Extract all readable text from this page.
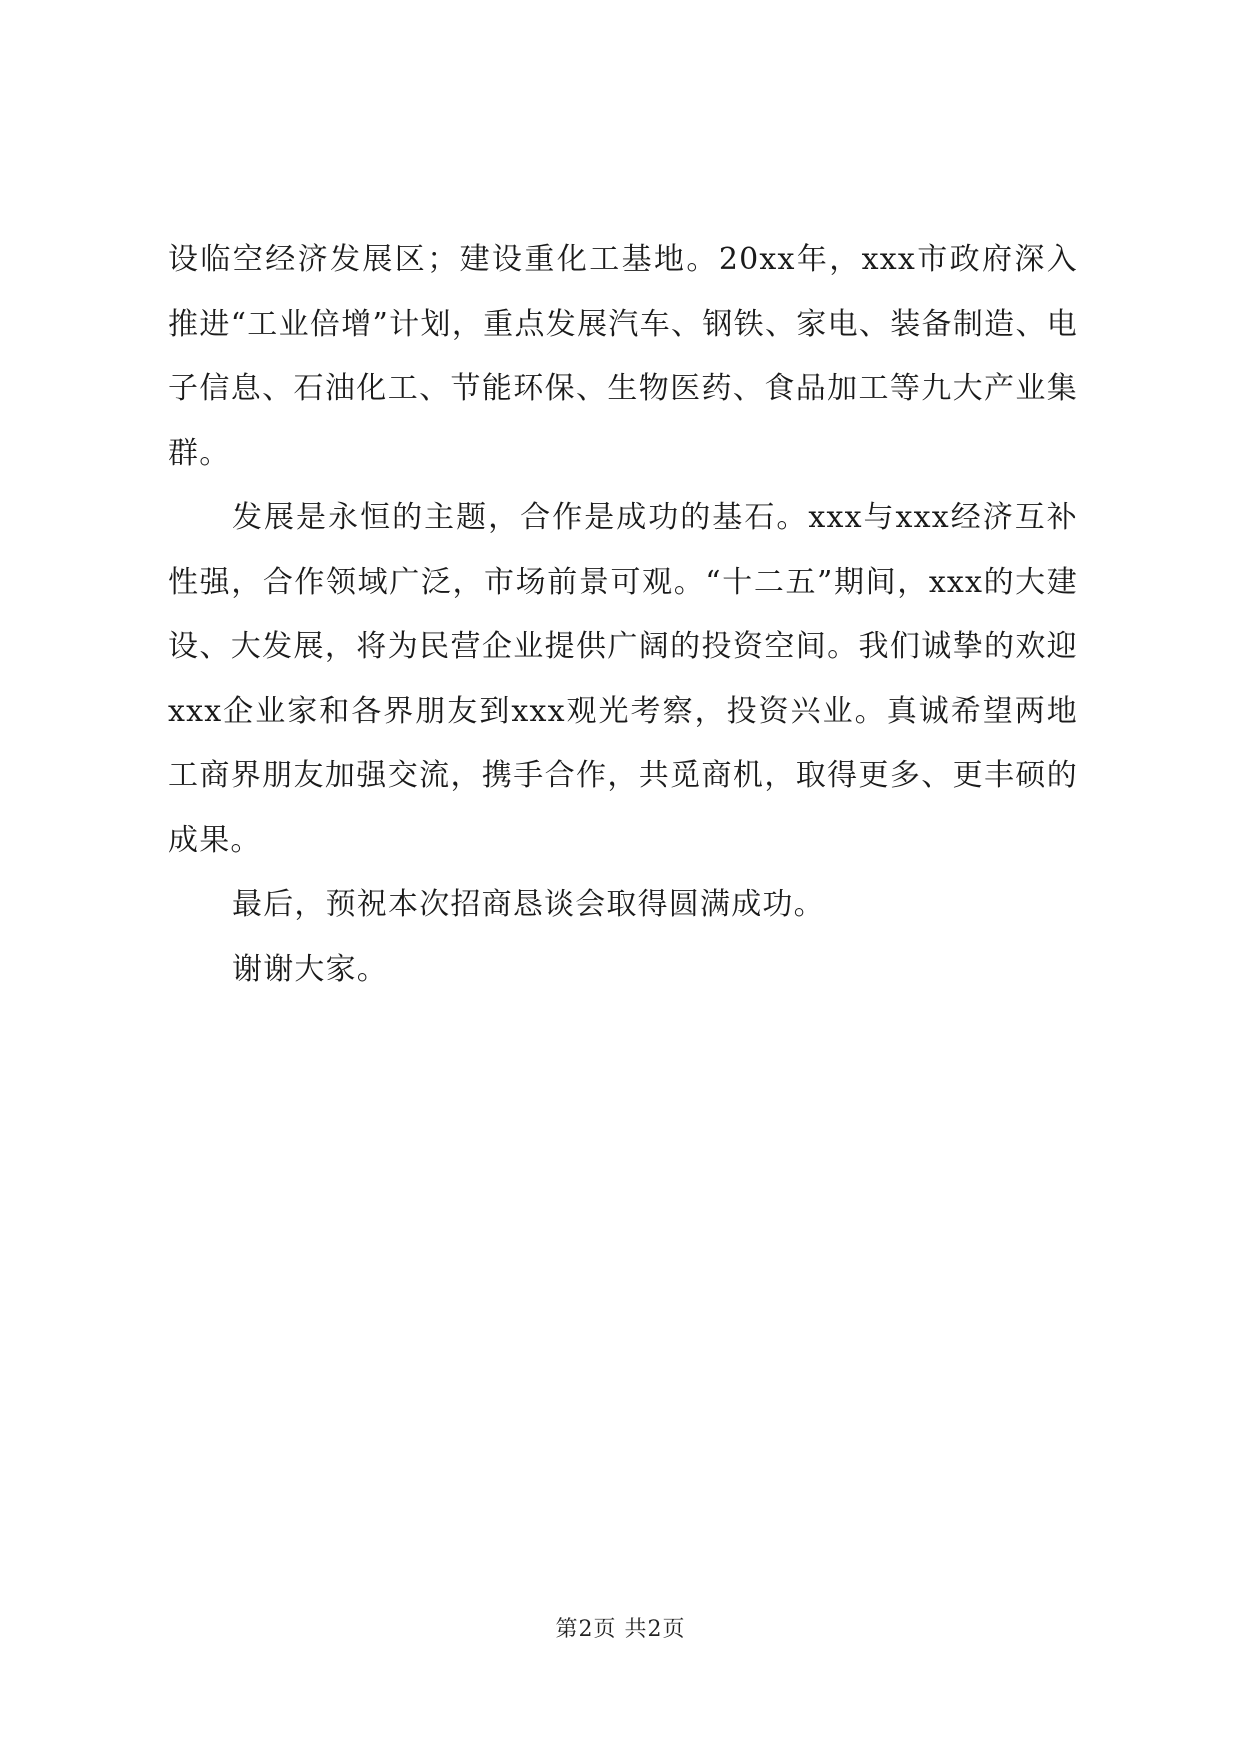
设临空经济发展区；建设重化工基地。20xx年，xxx市政府深入推进“工业倍增”计划，重点发展汽车、钢铁、家电、装备制造、电子信息、石油化工、节能环保、生物医药、食品加工等九大产业集群。

发展是永恒的主题，合作是成功的基石。xxx与xxx经济互补性强，合作领域广泛，市场前景可观。“十二五”期间，xxx的大建设、大发展，将为民营企业提供广阔的投资空间。我们诚挚的欢迎xxx企业家和各界朋友到xxx观光考察，投资兴业。真诚希望两地工商界朋友加强交流，携手合作，共觅商机，取得更多、更丰硕的成果。

最后，预祝本次招商恳谈会取得圆满成功。

谢谢大家。

第2页 共2页
